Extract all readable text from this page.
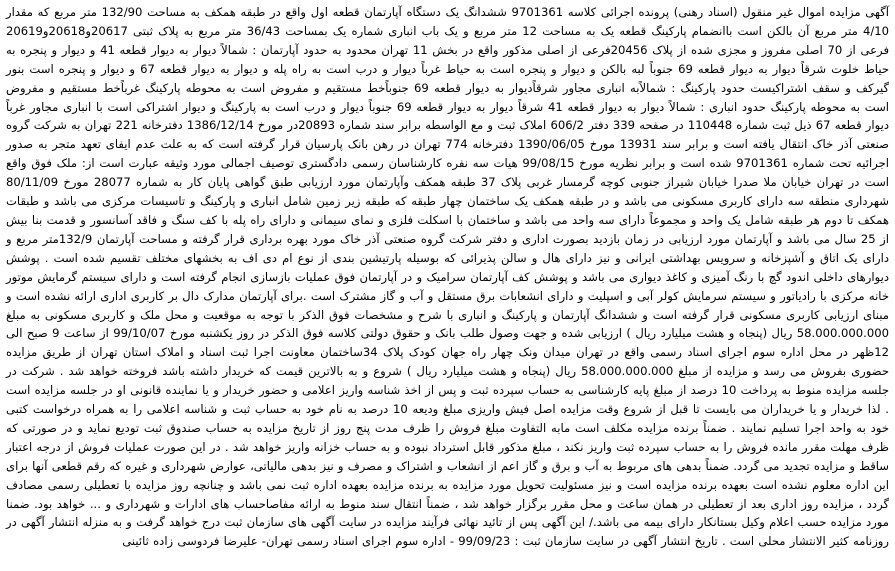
آگهی مزایده اموال غیر منقول (اسناد رهنی) پرونده اجرائی کلاسه 9701361 ششدانگ یک دستگاه آپارتمان قطعه اول واقع در طبقه همکف به مساحت 132/90 متر مربع که مقدار 4/10 متر مربع آن بالکن است باانضمام پارکینگ قطعه یک به مساحت 12 متر مربع و یک باب انباری شماره یک بمساحت 36/43 متر مربع به پلاک ثبتی 20617و20618و20619 فرعی از 70 اصلی مفروز و مجزی شده از پلاک 20456فرعی از اصلی مذکور واقع در بخش 11 تهران محدود به حدود آپارتمان : شمالاً دیوار به دیوار قطعه 41 و دیوار و پنجره به حیاط خلوت شرقاً دیوار به دیوار قطعه 69 جنوباً لبه بالکن و دیوار و پنجره است به حیاط غرباً دیوار و درب است به راه پله و دیوار به دیوار قطعه 67 و دیوار و پنجره است بنور گیرکف و سقف اشتراکیست حدود پارکینگ : شمالاًبه انباری مجاور شرقاًدیوار به دیوار قطعه 69 جنوباًخط مستقیم و مفروض است به محوطه پارکینگ غرباًخط مستقیم و مفروض است به محوطه پارکینگ حدود انباری : شمالاً دیوار به دیوار قطعه 41 شرقاً دیوار به دیوار قطعه 69 جنوباً دیوار و درب است به پارکینگ و دیوار اشتراکی است با انباری مجاور غرباً دیوار قطعه 67 ذیل ثبت شماره 110448 در صفحه 339 دفتر 606/2 املاک ثبت و مع الواسطه برابر سند شماره 20893در مورخ 1386/12/14 دفترخانه 221 تهران به شرکت گروه صنعتی آذر خاک انتقال یافته است و برابر سند 13931 مورخ 1390/06/05 دفترخانه 774 تهران در رهن بانک پارسیان قرار گرفته است که به علت عدم ایفای تعهد متجر به صدور اجرائیه تحت شماره 9701361 شده است و برابر نظریه مورخ 99/08/15 هیات سه نفره کارشناسان رسمی دادگستری توصیف اجمالی مورد وثیقه عبارت است از: ملک فوق واقع است در تهران خیابان ملا صدرا خیابان شیراز جنوبی کوچه گرمسار غربی پلاک 37 طبقه همکف وآپارتمان مورد ارزیابی طبق گواهی پایان کار به شماره 28077 مورخ 80/11/09 شهرداری منطقه سه دارای کاربری مسکونی می باشد و در طبقه همکف یک ساختمان چهار طبقه که طبقه زیر زمین شامل انباری و پارکینگ و تاسیسات مرکزی می باشد و طبقات همکف تا دوم هر طبقه شامل یک واحد و مجموعاً دارای سه واحد می باشد و ساختمان با اسکلت فلزی و نمای سیمانی و دارای راه پله با کف سنگ و فاقد آسانسور و قدمت بنا بیش از 25 سال می باشد و آپارتمان مورد ارزیابی در زمان بازدید بصورت اداری و دفتر شرکت گروه صنعتی آذر خاک مورد بهره برداری قرار گرفته و مساحت آپارتمان 132/9متر مربع و دارای یک اتاق و آشپزخانه و سرویس بهداشتی ایرانی و نیز دارای هال و سالن پذیرائی که بوسیله پارتیشین بندی از نوع ام دی اف به بخشهای مختلف تقسیم شده است . پوشش دیوارهای داخلی اندود گچ با رنگ آمیزی و کاغذ دیواری می باشد و پوشش کف آپارتمان سرامیک و در آپارتمان فوق عملیات بازسازی انجام گرفته است و دارای سیستم گرمایش موتور خانه مرکزی با رادیاتور و سیستم سرمایش کولر آبی و اسپلیت و دارای انشعابات برق مستقل و آب و گاز مشترک است .برای آپارتمان مدارک دال بر کاربری اداری ارائه نشده است و مبنای ارزیابی کاربری مسکونی قرار گرفته است و ششدانگ آپارتمان و پارکینگ و انباری با شرح و مشخصات فوق الذکر با توجه به موقعیت و محل ملک و کاربری مسکونی به مبلغ 58.000.000.000 ریال (پنجاه و هشت میلیارد ریال ) ارزیابی شده و جهت وصول طلب بانک و حقوق دولتی کلاسه فوق الذکر در روز یکشنبه مورخ 99/10/07 از ساعت 9 صبح الی 12ظهر در محل اداره سوم اجرای اسناد رسمی واقع در تهران میدان ونک چهار راه جهان کودک پلاک 34ساختمان معاونت اجرا ثبت اسناد و املاک استان تهران از طریق مزایده حضوری بفروش می رسد و مزایده از مبلغ 58.000.000.000 ریال (پنجاه و هشت میلیارد ریال ) شروع و به بالاترین قیمت که خریدار داشته باشد فروخته خواهد شد . شرکت در جلسه مزایده منوط به پرداخت 10 درصد از مبلغ پایه کارشناسی به حساب سپرده ثبت و پس از اخذ شناسه واریز اعلامی و حضور خریدار و یا نماینده قانونی او در جلسه مزایده است . لذا خریدار و یا خریداران می بایست تا قبل از شروع وقت مزایده اصل فیش واریزی مبلغ ودیعه 10 درصد به نام خود به حساب ثبت و شناسه اعلامی را به همراه درخواست کتبی خود به واحد اجرا تسلیم نمایند . ضمناً برنده مزایده مکلف است مابه التفاوت مبلغ فروش را ظرف مدت پنج روز از تاریخ مزایده به حساب صندوق ثبت تودیع نماید و در صورتی که ظرف مهلت مقرر مانده فروش را به حساب سپرده ثبت واریز نکند ، مبلغ مذکور قابل استرداد نبوده و به حساب خزانه واریز خواهد شد . در این صورت عملیات فروش از درجه اعتبار ساقط و مزایده تجدید می گردد. ضمناً بدهی های مربوط به آب و برق و گاز اعم از انشعاب و اشتراک و مصرف و نیز بدهی مالیاتی، عوارض شهرداری و غیره که رقم قطعی آنها برای این اداره معلوم نشده است بعهده برنده مزایده است و نیز مسئولیت تحویل مورد مزایده به برنده مزایده بعهده اداره ثبت نمی باشد و چنانچه روز مزایده با تعطیلی رسمی مصادف گردد ، مزایده روز اداری بعد از تعطیلی در همان ساعت و محل مقرر برگزار خواهد شد ، ضمناً انتقال سند منوط به ارائه مفاصاحساب های ادارات و شهرداری و ... خواهد بود. ضمنا مورد مزایده حسب اعلام وکیل بستانکار دارای بیمه می باشد./ این آگهی پس از تائید نهائی فرآیند مزایده در سایت آگهی های سازمان ثبت درج خواهد گرفت و به منزله انتشار آگهی در روزنامه کثیر الانتشار محلی است . تاریخ انتشار آگهی در سایت سازمان ثبت : 99/09/23 - اداره سوم اجرای اسناد رسمی تهران- علیرضا فردوسی زاده ثائینی
